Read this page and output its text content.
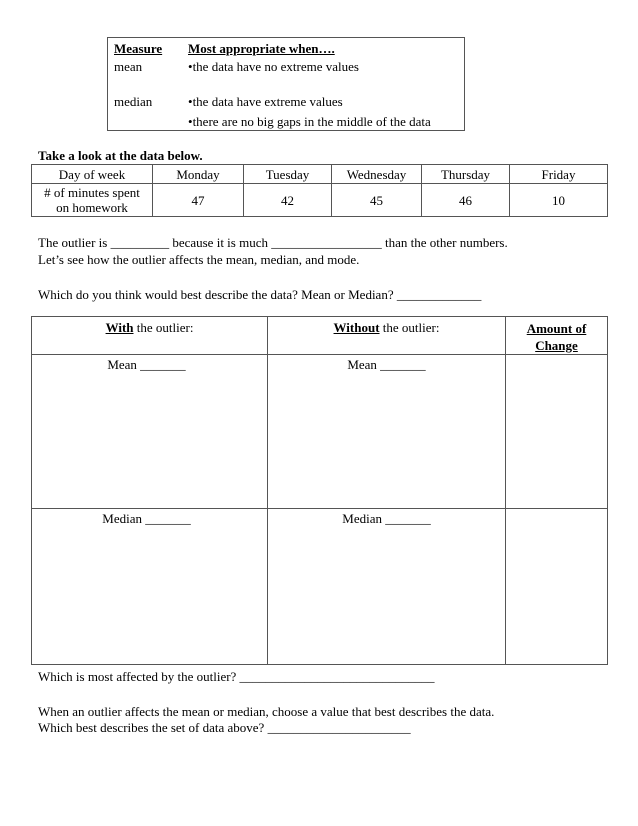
Measure Most appropriate when….
mean	•the data have no extreme values
median	•the data have extreme values
•there are no big gaps in the middle of the data
Take a look at the data below.
Day of week	Monday	Tuesday	Wednesday	Thursday	Friday
# of minutes spent
on homework	47	42	45	46	10
The outlier is _________ because it is much _________________ than the other numbers.
Let’s see how the outlier affects the mean, median, and mode.
Which do you think would best describe the data? Mean or Median? _____________
With the outlier:	Without the outlier:	Amount of
Change

Mean _______	Mean _______	

Median _______	Median _______	

Which is most affected by the outlier? ______________________________
When an outlier affects the mean or median, choose a value that best describes the data.
Which best describes the set of data above? ______________________
